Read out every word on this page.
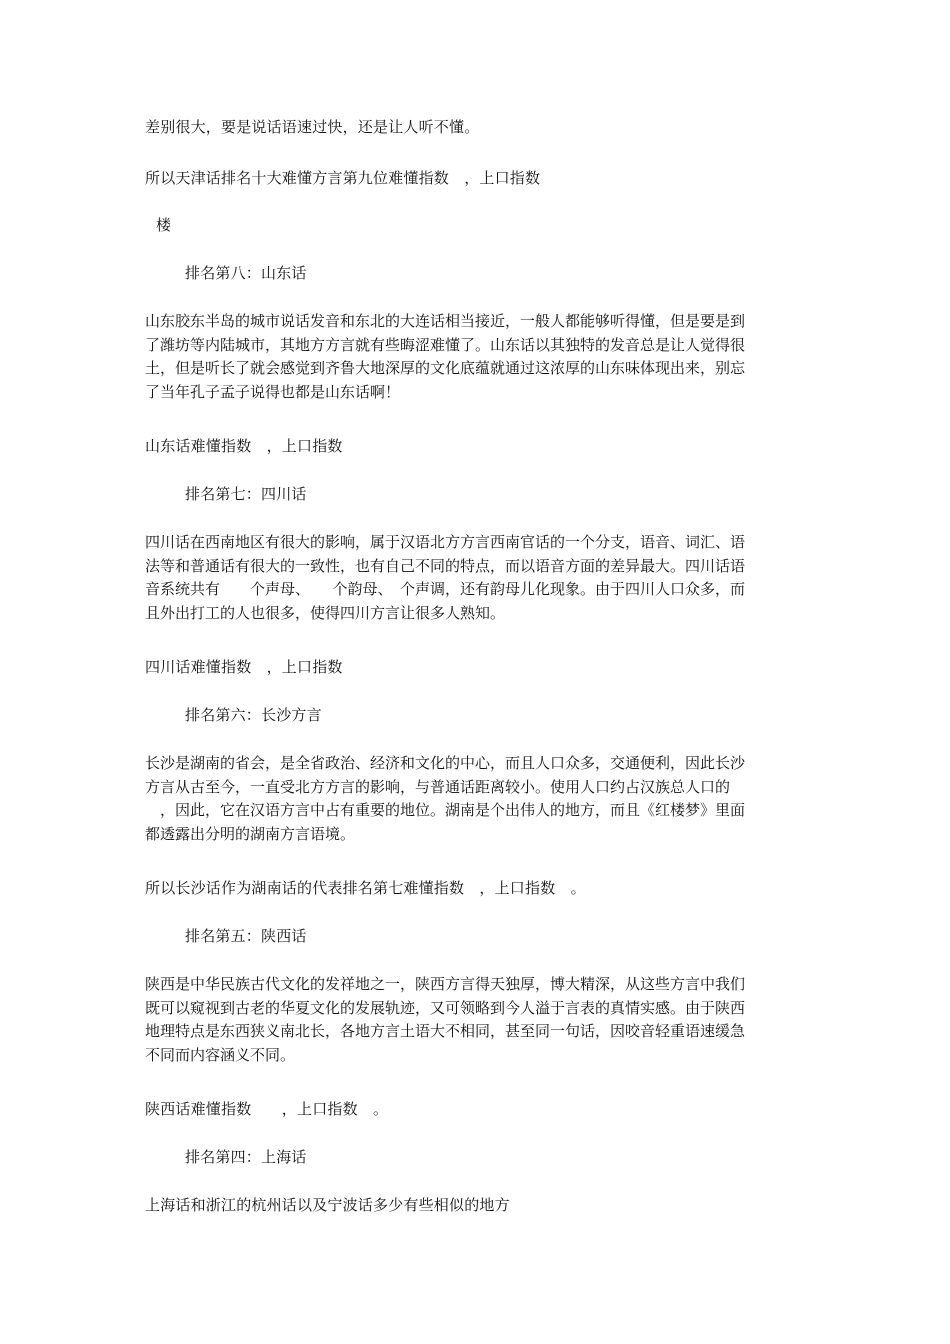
差别很大，要是说话语速过快，还是让人听不懂。
所以天津话排名十大难懂方言第九位难懂指数　，上口指数
楼
排名第八：山东话
山东胶东半岛的城市说话发音和东北的大连话相当接近，一般人都能够听得懂，但是要是到
了潍坊等内陆城市，其地方方言就有些晦涩难懂了。山东话以其独特的发音总是让人觉得很
土，但是听长了就会感觉到齐鲁大地深厚的文化底蕴就通过这浓厚的山东味体现出来，别忘
了当年孔子孟子说得也都是山东话啊！
山东话难懂指数　，上口指数
排名第七：四川话
四川话在西南地区有很大的影响，属于汉语北方方言西南官话的一个分支，语音、词汇、语
法等和普通话有很大的一致性，也有自己不同的特点，而以语音方面的差异最大。四川话语
音系统共有　　个声母、　　个韵母、　个声调，还有韵母儿化现象。由于四川人口众多，而
且外出打工的人也很多，使得四川方言让很多人熟知。
四川话难懂指数　，上口指数
排名第六：长沙方言
长沙是湖南的省会，是全省政治、经济和文化的中心，而且人口众多，交通便利，因此长沙
方言从古至今，一直受北方方言的影响，与普通话距离较小。使用人口约占汉族总人口的
　，因此，它在汉语方言中占有重要的地位。湖南是个出伟人的地方，而且《红楼梦》里面
都透露出分明的湖南方言语境。
所以长沙话作为湖南话的代表排名第七难懂指数　，上口指数　。
排名第五：陕西话
陕西是中华民族古代文化的发祥地之一，陕西方言得天独厚，博大精深，从这些方言中我们
既可以窥视到古老的华夏文化的发展轨迹，又可领略到今人溢于言表的真情实感。由于陕西
地理特点是东西狭义南北长，各地方言土语大不相同，甚至同一句话，因咬音轻重语速缓急
不同而内容涵义不同。
陕西话难懂指数　　，上口指数　。
排名第四：上海话
上海话和浙江的杭州话以及宁波话多少有些相似的地方
